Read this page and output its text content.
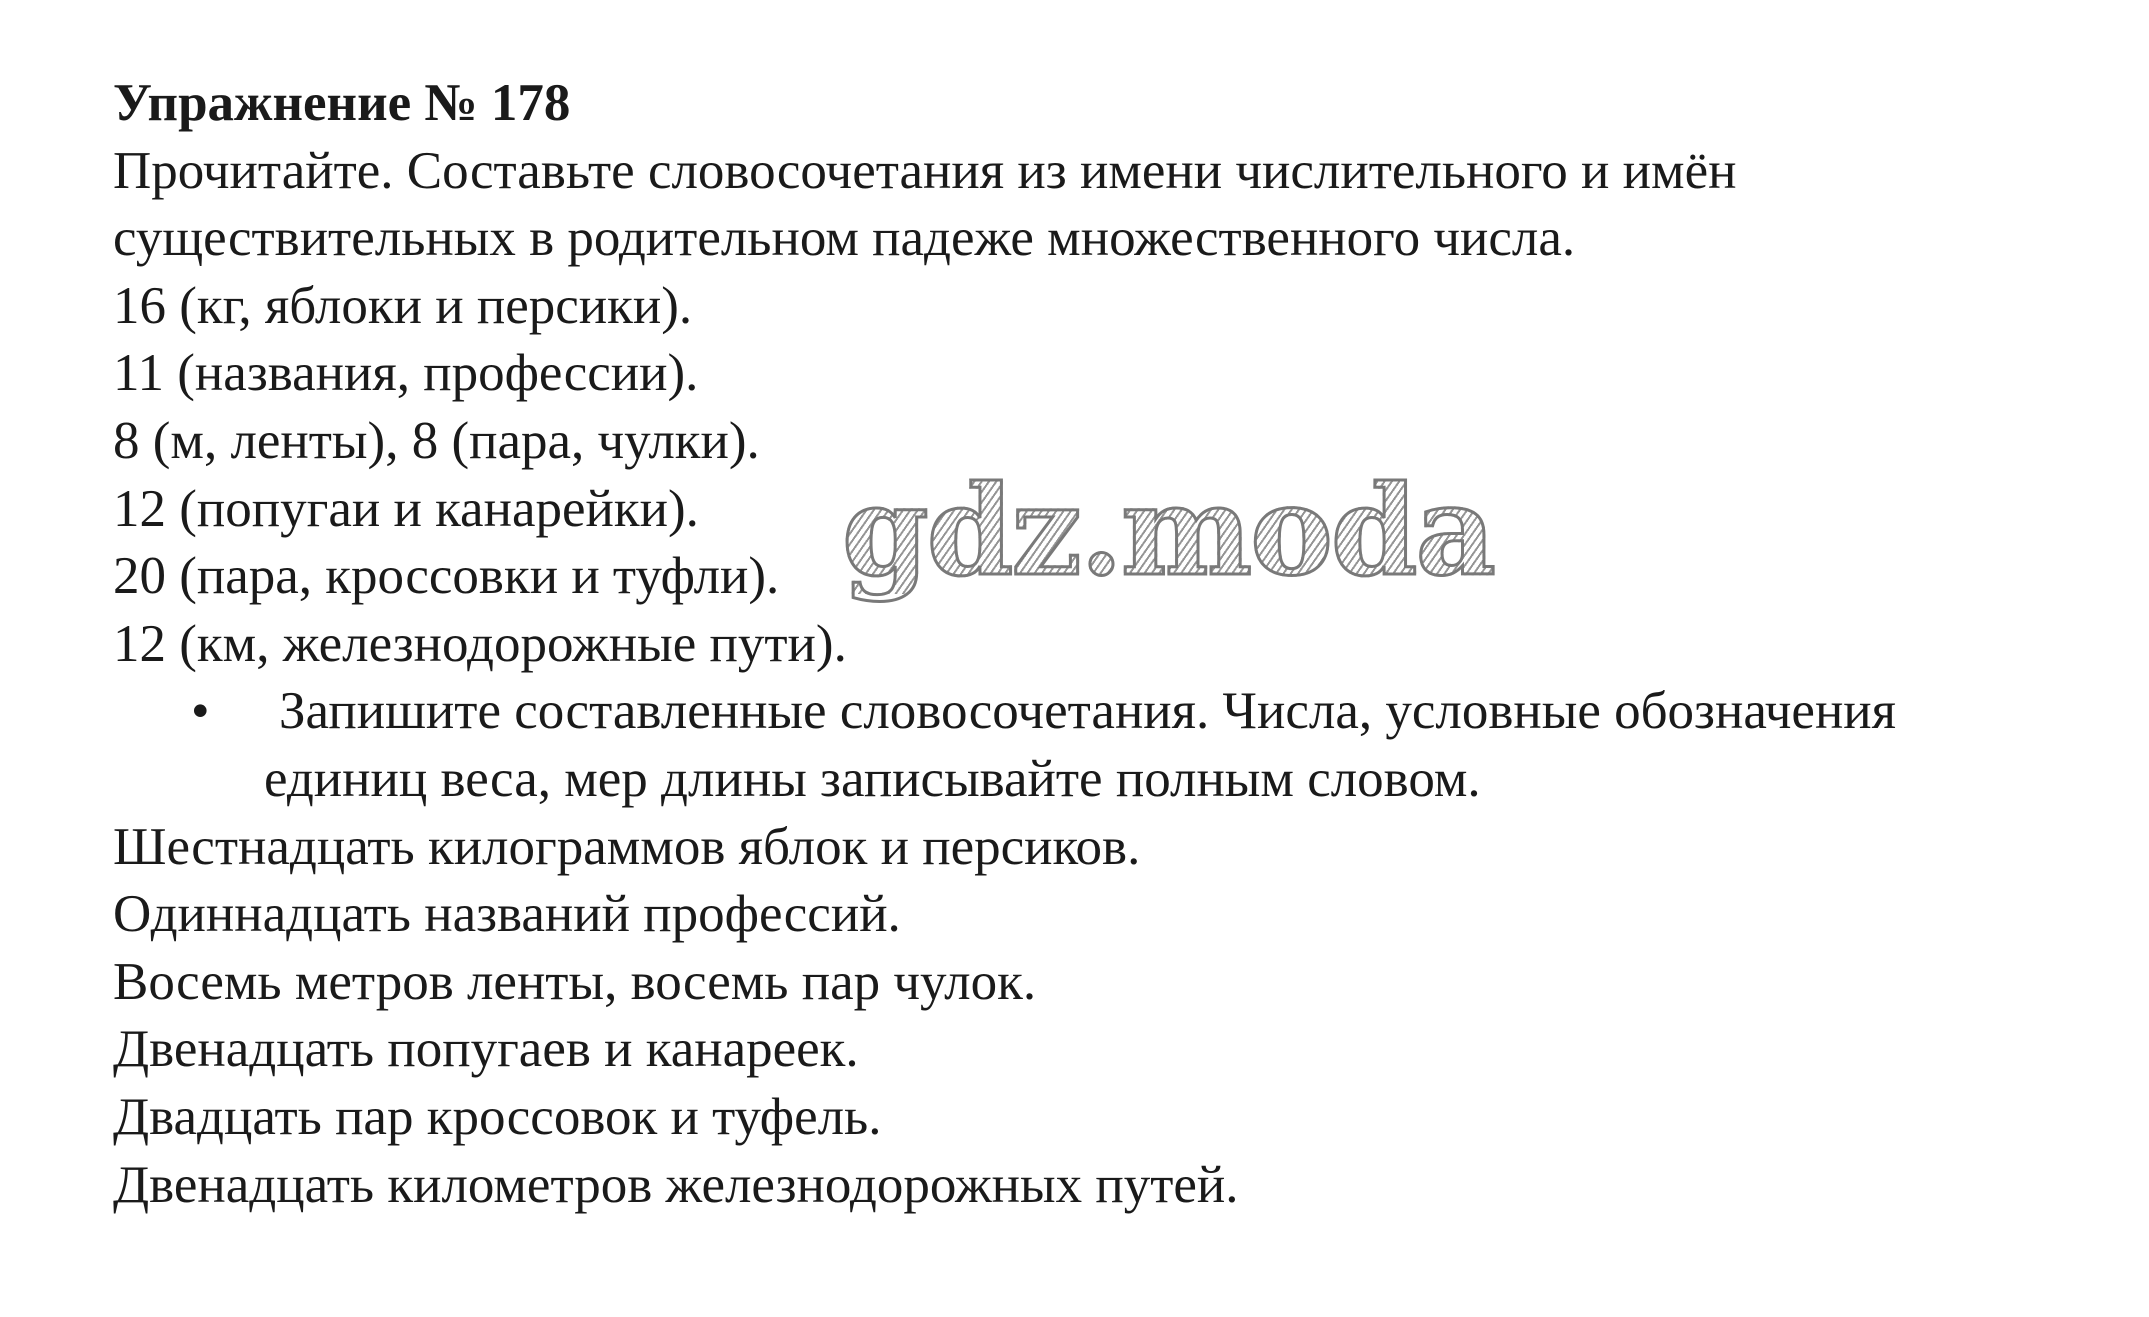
Упражнение № 178
Прочитайте. Составьте словосочетания из имени числительного и имён
существительных в родительном падеже множественного числа.
16 (кг, яблоки и персики).
11 (названия, профессии).
8 (м, ленты), 8 (пара, чулки).
12 (попугаи и канарейки).
20 (пара, кроссовки и туфли).
12 (км, железнодорожные пути).
• Запишите составленные словосочетания. Числа, условные обозначения
единиц веса, мер длины записывайте полным словом.
Шестнадцать килограммов яблок и персиков.
Одиннадцать названий профессий.
Восемь метров ленты, восемь пар чулок.
Двенадцать попугаев и канареек.
Двадцать пар кроссовок и туфель.
Двенадцать километров железнодорожных путей.
gdz.moda
